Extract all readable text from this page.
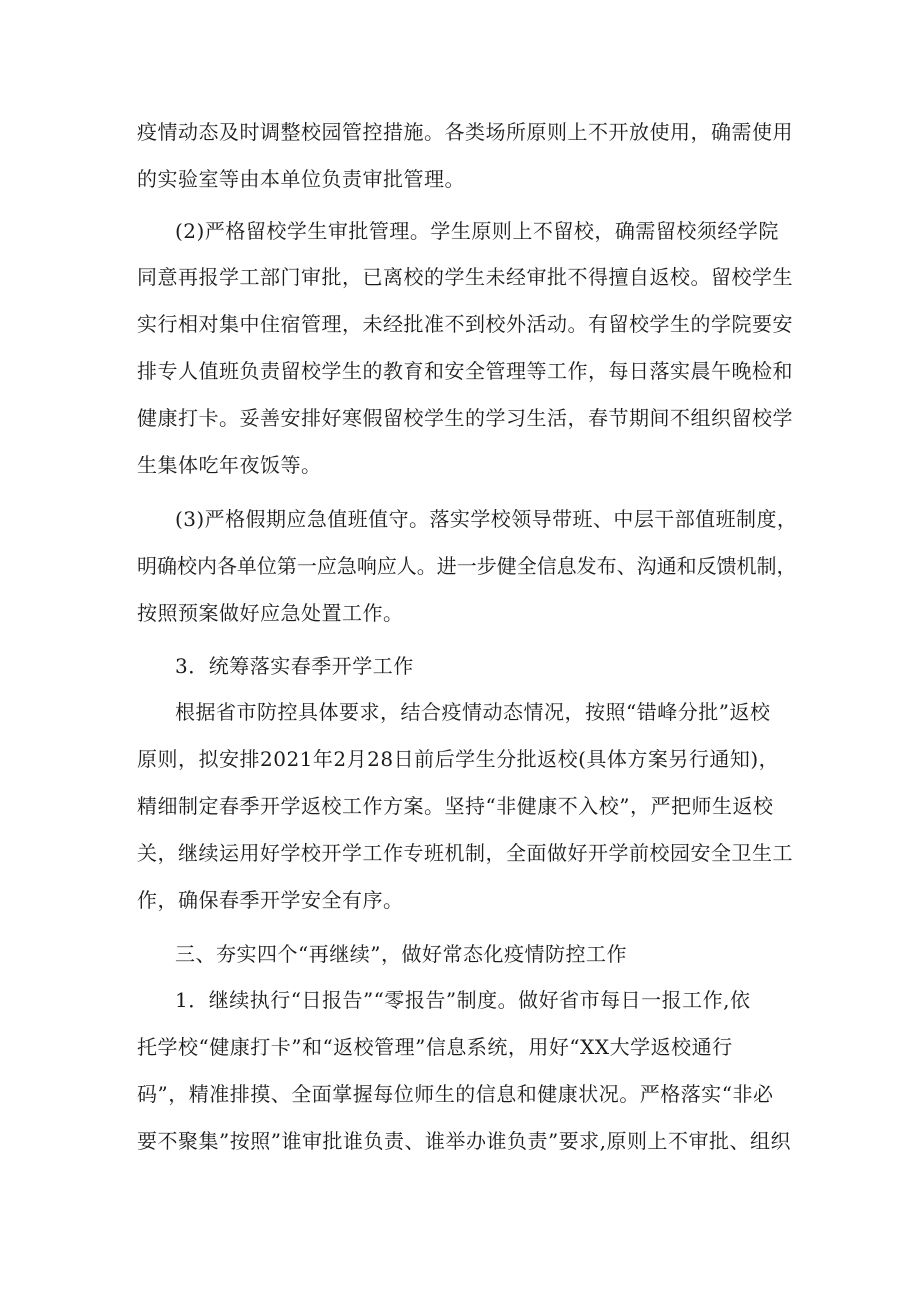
疫情动态及时调整校园管控措施。各类场所原则上不开放使用，确需使用
的实验室等由本单位负责审批管理。
(2)严格留校学生审批管理。学生原则上不留校，确需留校须经学院
同意再报学工部门审批，已离校的学生未经审批不得擅自返校。留校学生
实行相对集中住宿管理，未经批准不到校外活动。有留校学生的学院要安
排专人值班负责留校学生的教育和安全管理等工作，每日落实晨午晚检和
健康打卡。妥善安排好寒假留校学生的学习生活，春节期间不组织留校学
生集体吃年夜饭等。
(3)严格假期应急值班值守。落实学校领导带班、中层干部值班制度，
明确校内各单位第一应急响应人。进一步健全信息发布、沟通和反馈机制，
按照预案做好应急处置工作。
3．统筹落实春季开学工作
根据省市防控具体要求，结合疫情动态情况，按照“错峰分批”返校
原则，拟安排2021年2月28日前后学生分批返校(具体方案另行通知)，
精细制定春季开学返校工作方案。坚持“非健康不入校”，严把师生返校
关，继续运用好学校开学工作专班机制，全面做好开学前校园安全卫生工
作，确保春季开学安全有序。
三、夯实四个“再继续”，做好常态化疫情防控工作
1．继续执行“日报告”“零报告”制度。做好省市每日一报工作,依
托学校“健康打卡”和“返校管理”信息系统，用好“XX大学返校通行
码”，精准排摸、全面掌握每位师生的信息和健康状况。严格落实“非必
要不聚集”按照”谁审批谁负责、谁举办谁负责”要求,原则上不审批、组织
